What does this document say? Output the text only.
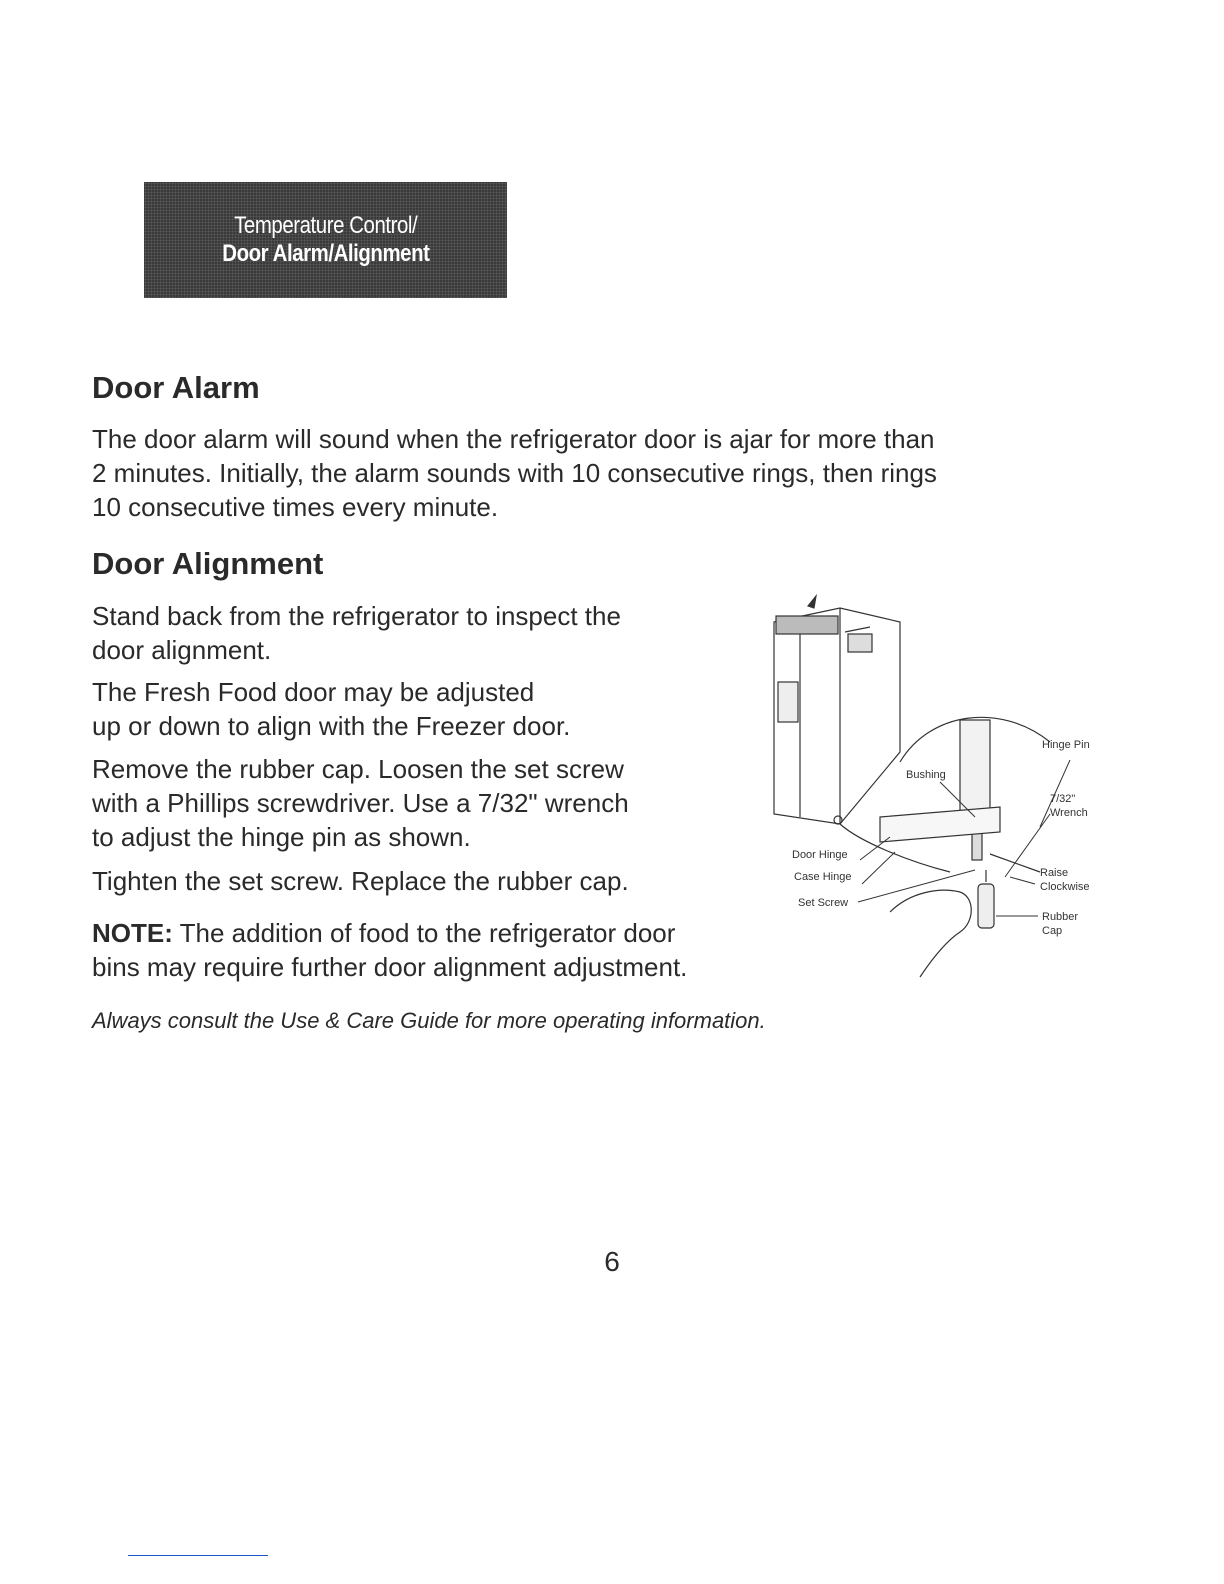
Temperature Control/
Door Alarm/Alignment
Door Alarm

The door alarm will sound when the refrigerator door is ajar for more than
2 minutes. Initially, the alarm sounds with 10 consecutive rings, then rings
10 consecutive times every minute.

Door Alignment

Stand back from the refrigerator to inspect the
door alignment.

The Fresh Food door may be adjusted
up or down to align with the Freezer door.

Remove the rubber cap. Loosen the set screw
with a Phillips screwdriver. Use a 7/32" wrench
to adjust the hinge pin as shown.

Tighten the set screw. Replace the rubber cap.

NOTE: The addition of food to the refrigerator door
bins may require further door alignment adjustment.

Always consult the Use & Care Guide for more operating information.

Hinge Pin
Bushing
7/32"
Wrench
Door Hinge
Case Hinge
Set Screw
Raise
Clockwise
Rubber
Cap
6
